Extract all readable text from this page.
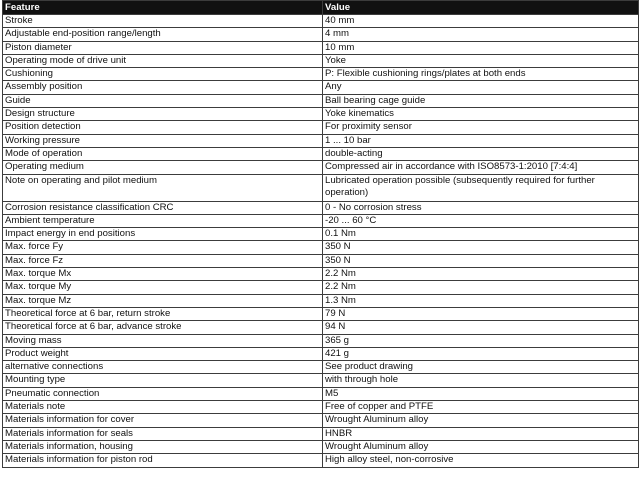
Feature	Value
Stroke	40 mm
Adjustable end-position range/length	4 mm
Piston diameter	10 mm
Operating mode of drive unit	Yoke
Cushioning	P: Flexible cushioning rings/plates at both ends
Assembly position	Any
Guide	Ball bearing cage guide
Design structure	Yoke kinematics
Position detection	For proximity sensor
Working pressure	1 ... 10 bar
Mode of operation	double-acting
Operating medium	Compressed air in accordance with ISO8573-1:2010 [7:4:4]
Note on operating and pilot medium	Lubricated operation possible (subsequently required for further operation)
Corrosion resistance classification CRC	0 - No corrosion stress
Ambient temperature	-20 ... 60 °C
Impact energy in end positions	0.1 Nm
Max. force Fy	350 N
Max. force Fz	350 N
Max. torque Mx	2.2 Nm
Max. torque My	2.2 Nm
Max. torque Mz	1.3 Nm
Theoretical force at 6 bar, return stroke	79 N
Theoretical force at 6 bar, advance stroke	94 N
Moving mass	365 g
Product weight	421 g
alternative connections	See product drawing
Mounting type	with through hole
Pneumatic connection	M5
Materials note	Free of copper and PTFE
Materials information for cover	Wrought Aluminum alloy
Materials information for seals	HNBR
Materials information, housing	Wrought Aluminum alloy
Materials information for piston rod	High alloy steel, non-corrosive
